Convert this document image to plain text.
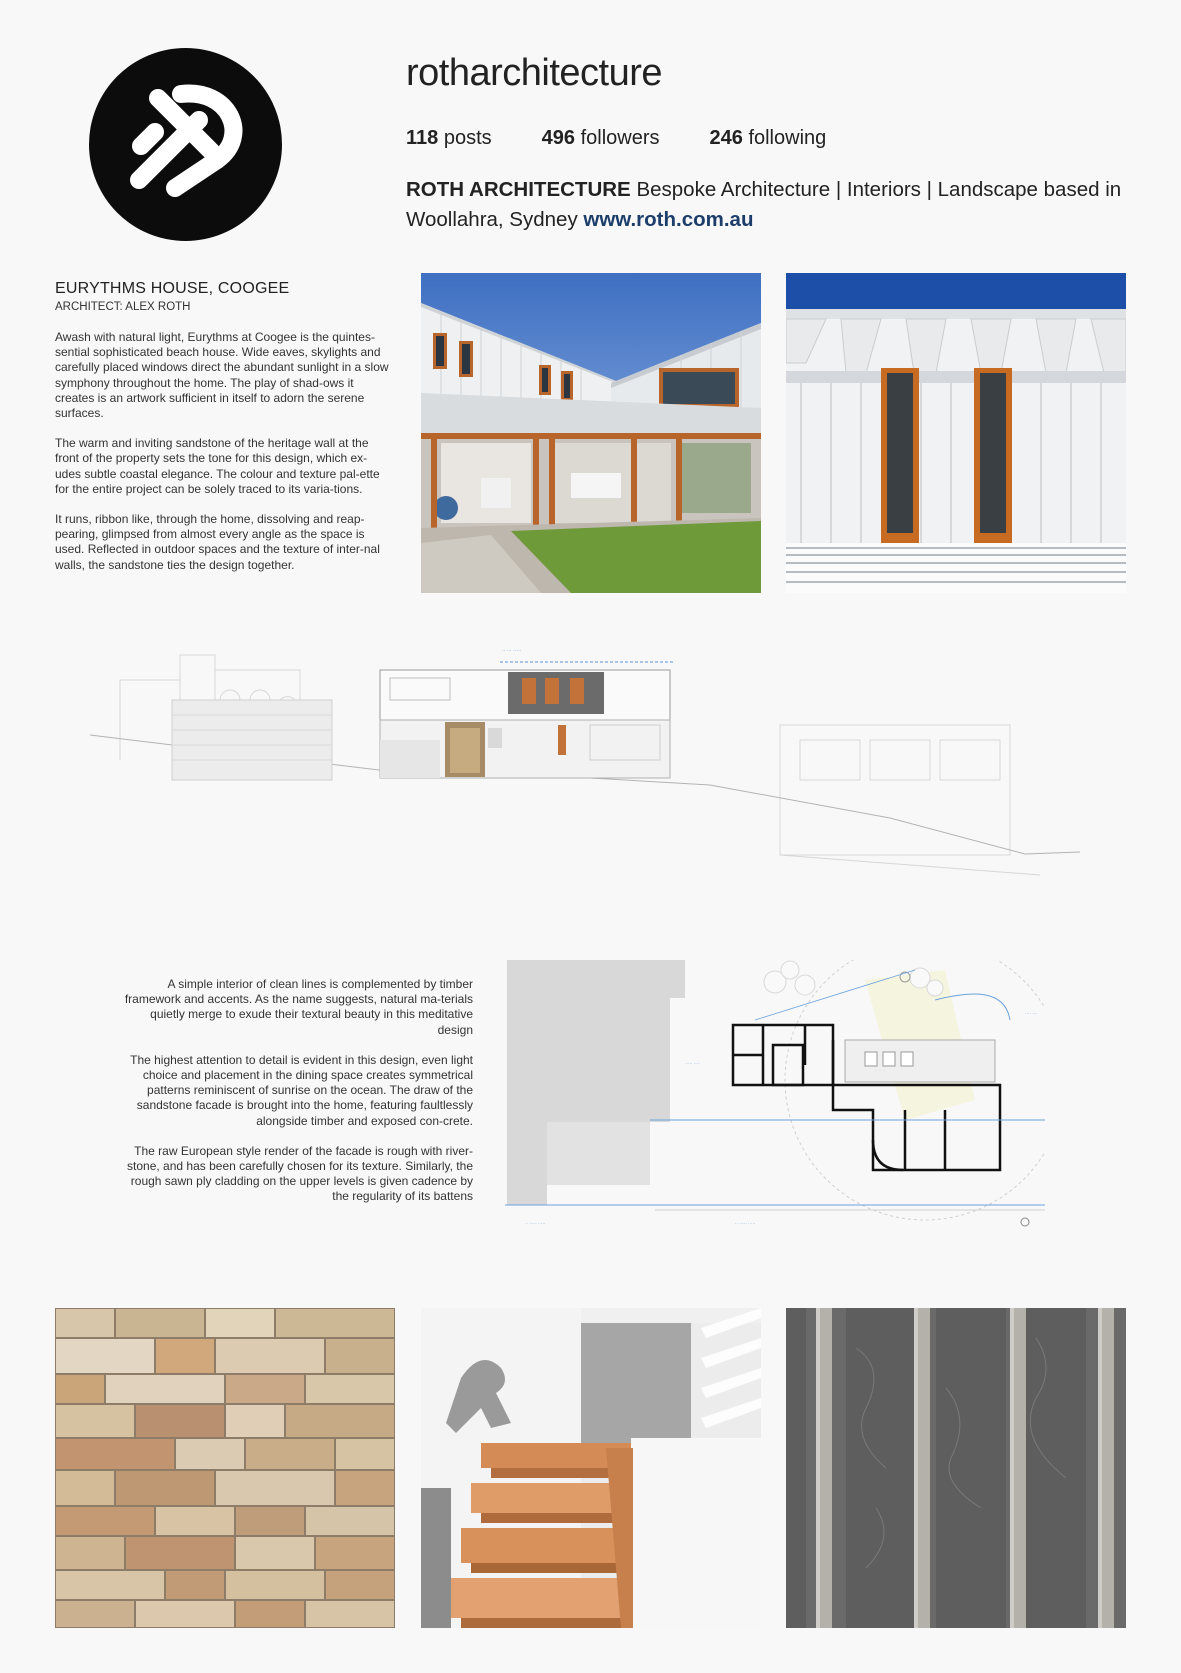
rotharchitecture
118 posts	496 followers	246 following
ROTH ARCHITECTURE Bespoke Architecture | Interiors | Landscape based in Woollahra, Sydney www.roth.com.au
EURYTHMS HOUSE, COOGEE
ARCHITECT: ALEX ROTH

Awash with natural light, Eurythms at Coogee is the quintes-sential sophisticated beach house. Wide eaves, skylights and carefully placed windows direct the abundant sunlight in a slow symphony throughout the home. The play of shad-ows it creates is an artwork sufficient in itself to adorn the serene surfaces.

The warm and inviting sandstone of the heritage wall at the front of the property sets the tone for this design, which ex-udes subtle coastal elegance. The colour and texture pal-ette for the entire project can be solely traced to its varia-tions.

It runs, ribbon like, through the home, dissolving and reap-pearing, glimpsed from almost every angle as the space is used. Reflected in outdoor spaces and the texture of inter-nal walls, the sandstone ties the design together.

·· ··· ·····

A simple interior of clean lines is complemented by timber framework and accents. As the name suggests, natural ma-terials quietly merge to exude their textural beauty in this meditative design

The highest attention to detail is evident in this design, even light choice and placement in the dining space creates symmetrical patterns reminiscent of sunrise on the ocean. The draw of the sandstone facade is brought into the home, featuring faultlessly alongside timber and exposed con-crete.

The raw European style render of the facade is rough with river-stone, and has been carefully chosen for its texture. Similarly, the rough sawn ply cladding on the upper levels is given cadence by the regularity of its battens

····· ····
···· ···
·· ····· ·····	·· ····· ·····
